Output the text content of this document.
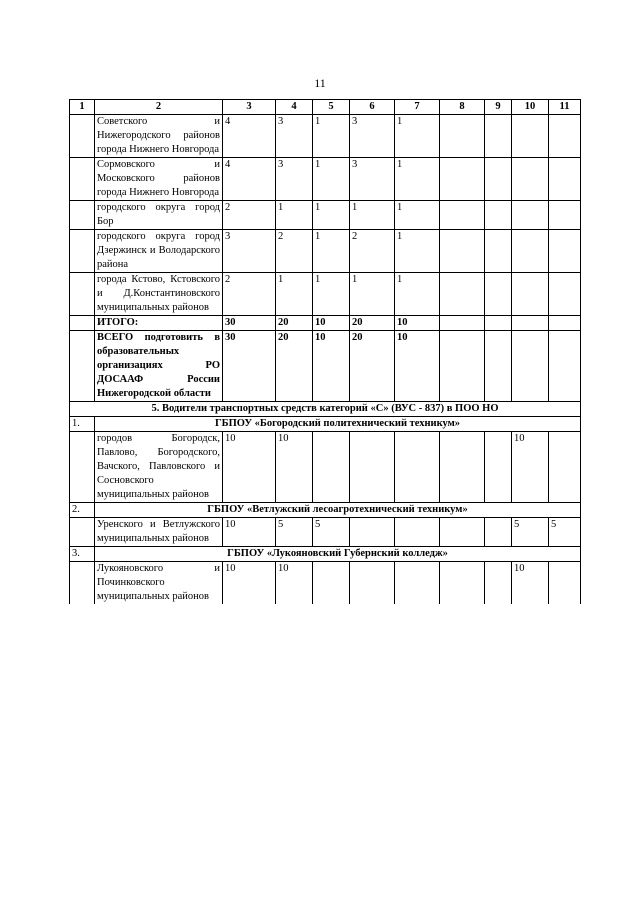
11
1	2	3	4	5	6	7	8	9	10	11
	Советского и Нижегородского районов города Нижнего Новгорода	4	3	1	3	1				
	Сормовского и Московского районов города Нижнего Новгорода	4	3	1	3	1				
	городского округа город Бор	2	1	1	1	1				
	городского округа город Дзержинск и Володарского района	3	2	1	2	1				
	города Кстово, Кстовского и Д.Константиновского муниципальных районов	2	1	1	1	1				
	ИТОГО:	30	20	10	20	10				
	ВСЕГО подготовить в образовательных организациях РО ДОСААФ России Нижегородской области	30	20	10	20	10				
5. Водители транспортных средств категорий «С» (ВУС - 837) в ПОО НО										
1.	ГБПОУ «Богородский политехнический техникум»									
	городов Богородск, Павлово, Богородского, Вачского, Павловского и Сосновского муниципальных районов	10	10						10	
2.	ГБПОУ «Ветлужский лесоагротехнический техникум»									
	Уренского и Ветлужского муниципальных районов	10	5	5					5	5
3.	ГБПОУ «Лукояновский Губернский колледж»									
	Лукояновского и Починковского муниципальных районов	10	10						10	
